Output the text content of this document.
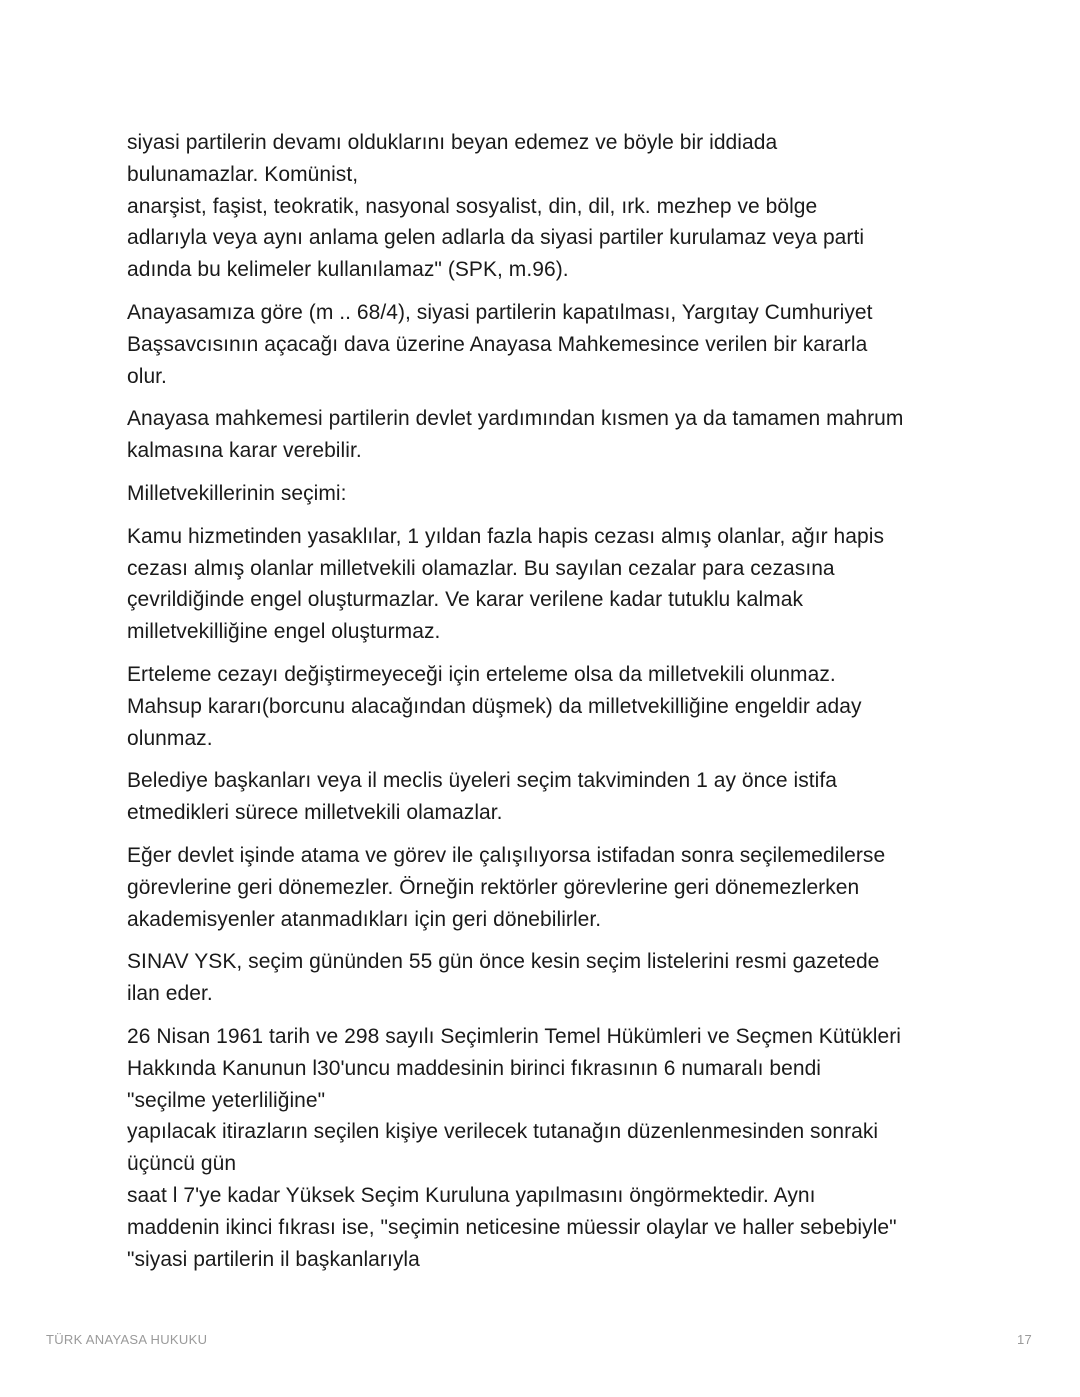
siyasi partilerin devamı olduklarını beyan edemez ve böyle bir iddiada
bulunamazlar. Komünist,
anarşist, faşist, teokratik, nasyonal sosyalist, din, dil, ırk. mezhep ve bölge
adlarıyla veya aynı anlama gelen adlarla da siyasi partiler kurulamaz veya parti
adında bu kelimeler kullanılamaz" (SPK, m.96).

Anayasamıza göre (m .. 68/4), siyasi partilerin kapatılması, Yargıtay Cumhuriyet
Başsavcısının açacağı dava üzerine Anayasa Mahkemesince verilen bir kararla
olur.

Anayasa mahkemesi partilerin devlet yardımından kısmen ya da tamamen mahrum
kalmasına karar verebilir.

Milletvekillerinin seçimi:

Kamu hizmetinden yasaklılar, 1 yıldan fazla hapis cezası almış olanlar, ağır hapis
cezası almış olanlar milletvekili olamazlar. Bu sayılan cezalar para cezasına
çevrildiğinde engel oluşturmazlar. Ve karar verilene kadar tutuklu kalmak
milletvekilliğine engel oluşturmaz.

Erteleme cezayı değiştirmeyeceği için erteleme olsa da milletvekili olunmaz.
Mahsup kararı(borcunu alacağından düşmek) da milletvekilliğine engeldir aday
olunmaz.

Belediye başkanları veya il meclis üyeleri seçim takviminden 1 ay önce istifa
etmedikleri sürece milletvekili olamazlar.

Eğer devlet işinde atama ve görev ile çalışılıyorsa istifadan sonra seçilemedilerse
görevlerine geri dönemezler. Örneğin rektörler görevlerine geri dönemezlerken
akademisyenler atanmadıkları için geri dönebilirler.

SINAV YSK, seçim gününden 55 gün önce kesin seçim listelerini resmi gazetede
ilan eder.

26 Nisan 1961 tarih ve 298 sayılı Seçimlerin Temel Hükümleri ve Seçmen Kütükleri
Hakkında Kanunun l30'uncu maddesinin birinci fıkrasının 6 numaralı bendi
"seçilme yeterliliğine"
yapılacak itirazların seçilen kişiye verilecek tutanağın düzenlenmesinden sonraki
üçüncü gün
saat l 7'ye kadar Yüksek Seçim Kuruluna yapılmasını öngörmektedir. Aynı
maddenin ikinci fıkrası ise, "seçimin neticesine müessir olaylar ve haller sebebiyle"
"siyasi partilerin il başkanlarıyla

TÜRK ANAYASA HUKUKU	17
